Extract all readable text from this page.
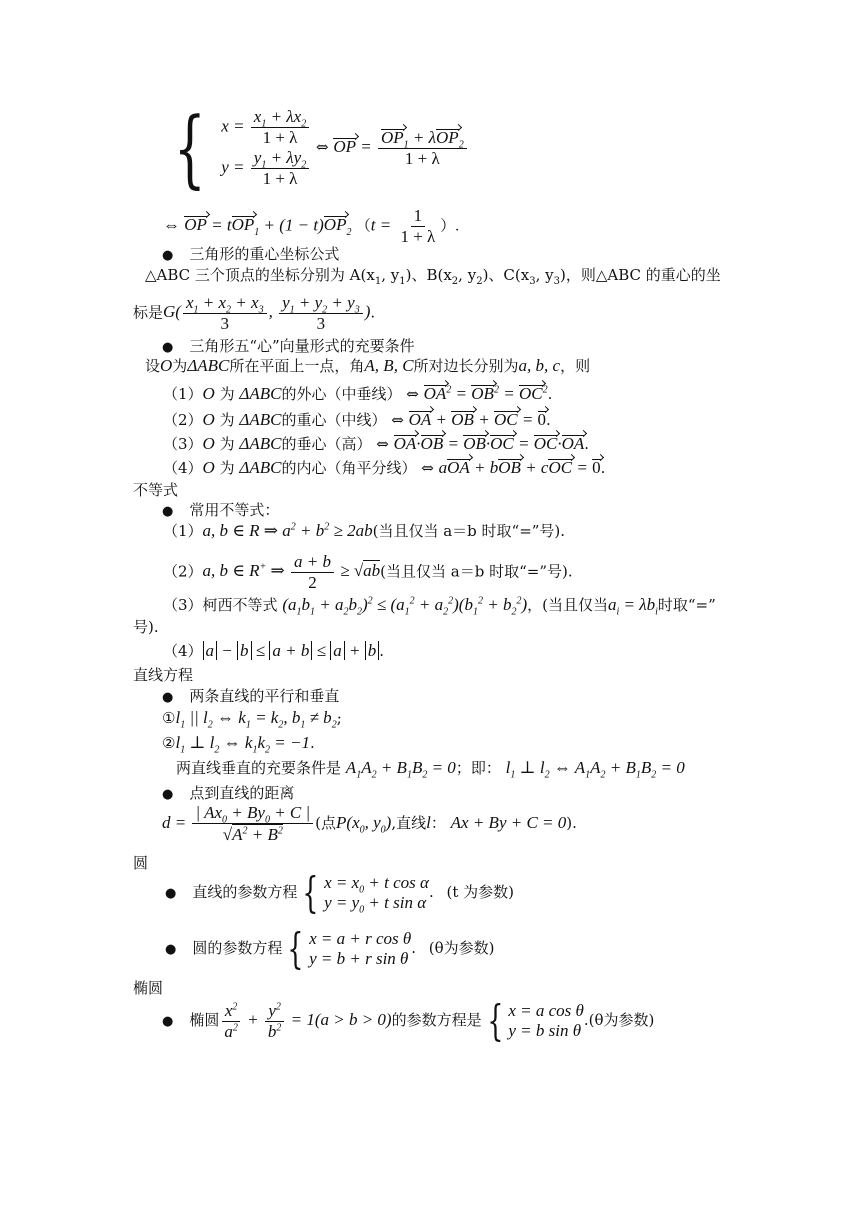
{ $x = \frac{x_1 + \lambda x_2}{1 + \lambda}$
$y = \frac{y_1 + \lambda y_2}{1 + \lambda}$
⇔ OP = $\frac{OP_1 + \lambda OP_2}{1 + \lambda}$
⇔ OP = $tOP_1 + (1 - t)OP_2$ （$t = \frac{1}{1 + \lambda}$ ）.
● 三角形的重心坐标公式
△ABC 三个顶点的坐标分别为 $A(x_1$, $y_1$)、$B(x_2$, $y_2$)、$C(x_3$, $y_3$)，则△ABC 的重心的坐
标是$G( \frac{x_1 + x_2 + x_3}{3}$ , $\frac{y_1 + y_2 + y_3}{3}$ ).
● 三角形五“心”向量形式的充要条件
设O为ΔABC所在平面上一点，角A, B, C所对边长分别为a, b, c，则
（1）O 为 ΔABC的外心（中垂线） ⇔ $OA^2 = OB^2 = OC^2$.
（2）O 为 ΔABC的重心（中线） ⇔ OA + OB + OC = 0.
（3）O 为 ΔABC的垂心（高） ⇔ OA·OB = OB·OC = OC·OA.
（4）O 为 ΔABC的内心（角平分线） ⇔ aOA + bOB + cOC = 0.
不等式
● 常用不等式：
（1）a, b ∈ R ⇒ $a^2 + b^2 \ge 2ab$(当且仅当 a＝b 时取“=”号).
（2）a, b ∈ R+ ⇒ $\frac{a + b}{2} \ge √ab$(当且仅当 a＝b 时取“=”号).
（3）柯西不等式 $(a_1b_1 + a_2b_2)^2 \le (a_1^2 + a_2^2)(b_1^2 + b_2^2)$，(当且仅当$a_i = \lambda b_i$时取“=”
号).
（4） a − b ≤ a + b ≤ a + b .
直线方程
● 两条直线的平行和垂直
$①l_1$ || $l_2$ ⇔ $k_1 = k_2$, $b_1 \ne b_2$;
$②l_1$ ⊥ $l_2$ ⇔ $k_1k_2 = -1$.
两直线垂直的充要条件是 $A_1A_2 + B_1B_2 = 0$；即： $l_1$ ⊥ $l_2$ ⇔ $A_1A_2 + B_1B_2 = 0$
● 点到直线的距离
$d = \frac{| Ax_0 + By_0 + C |}{√A^2 + B^2}$ (点$P(x_0$, $y_0$),直线l： Ax + By + C = 0).
圆
● 直线的参数方程 { $x = x_0 + t$ cos α
$y = y_0 + t$ sin α
. (t 为参数)
● 圆的参数方程 { x = a + r cos θ
y = b + r sin θ
. (θ为参数)
椭圆
● 椭圆 $\frac{x^2}{a^2} + \frac{y^2}{b^2} = 1(a > b > 0)$的参数方程是 { x = a cos θ
y = b sin θ
.(θ为参数)
